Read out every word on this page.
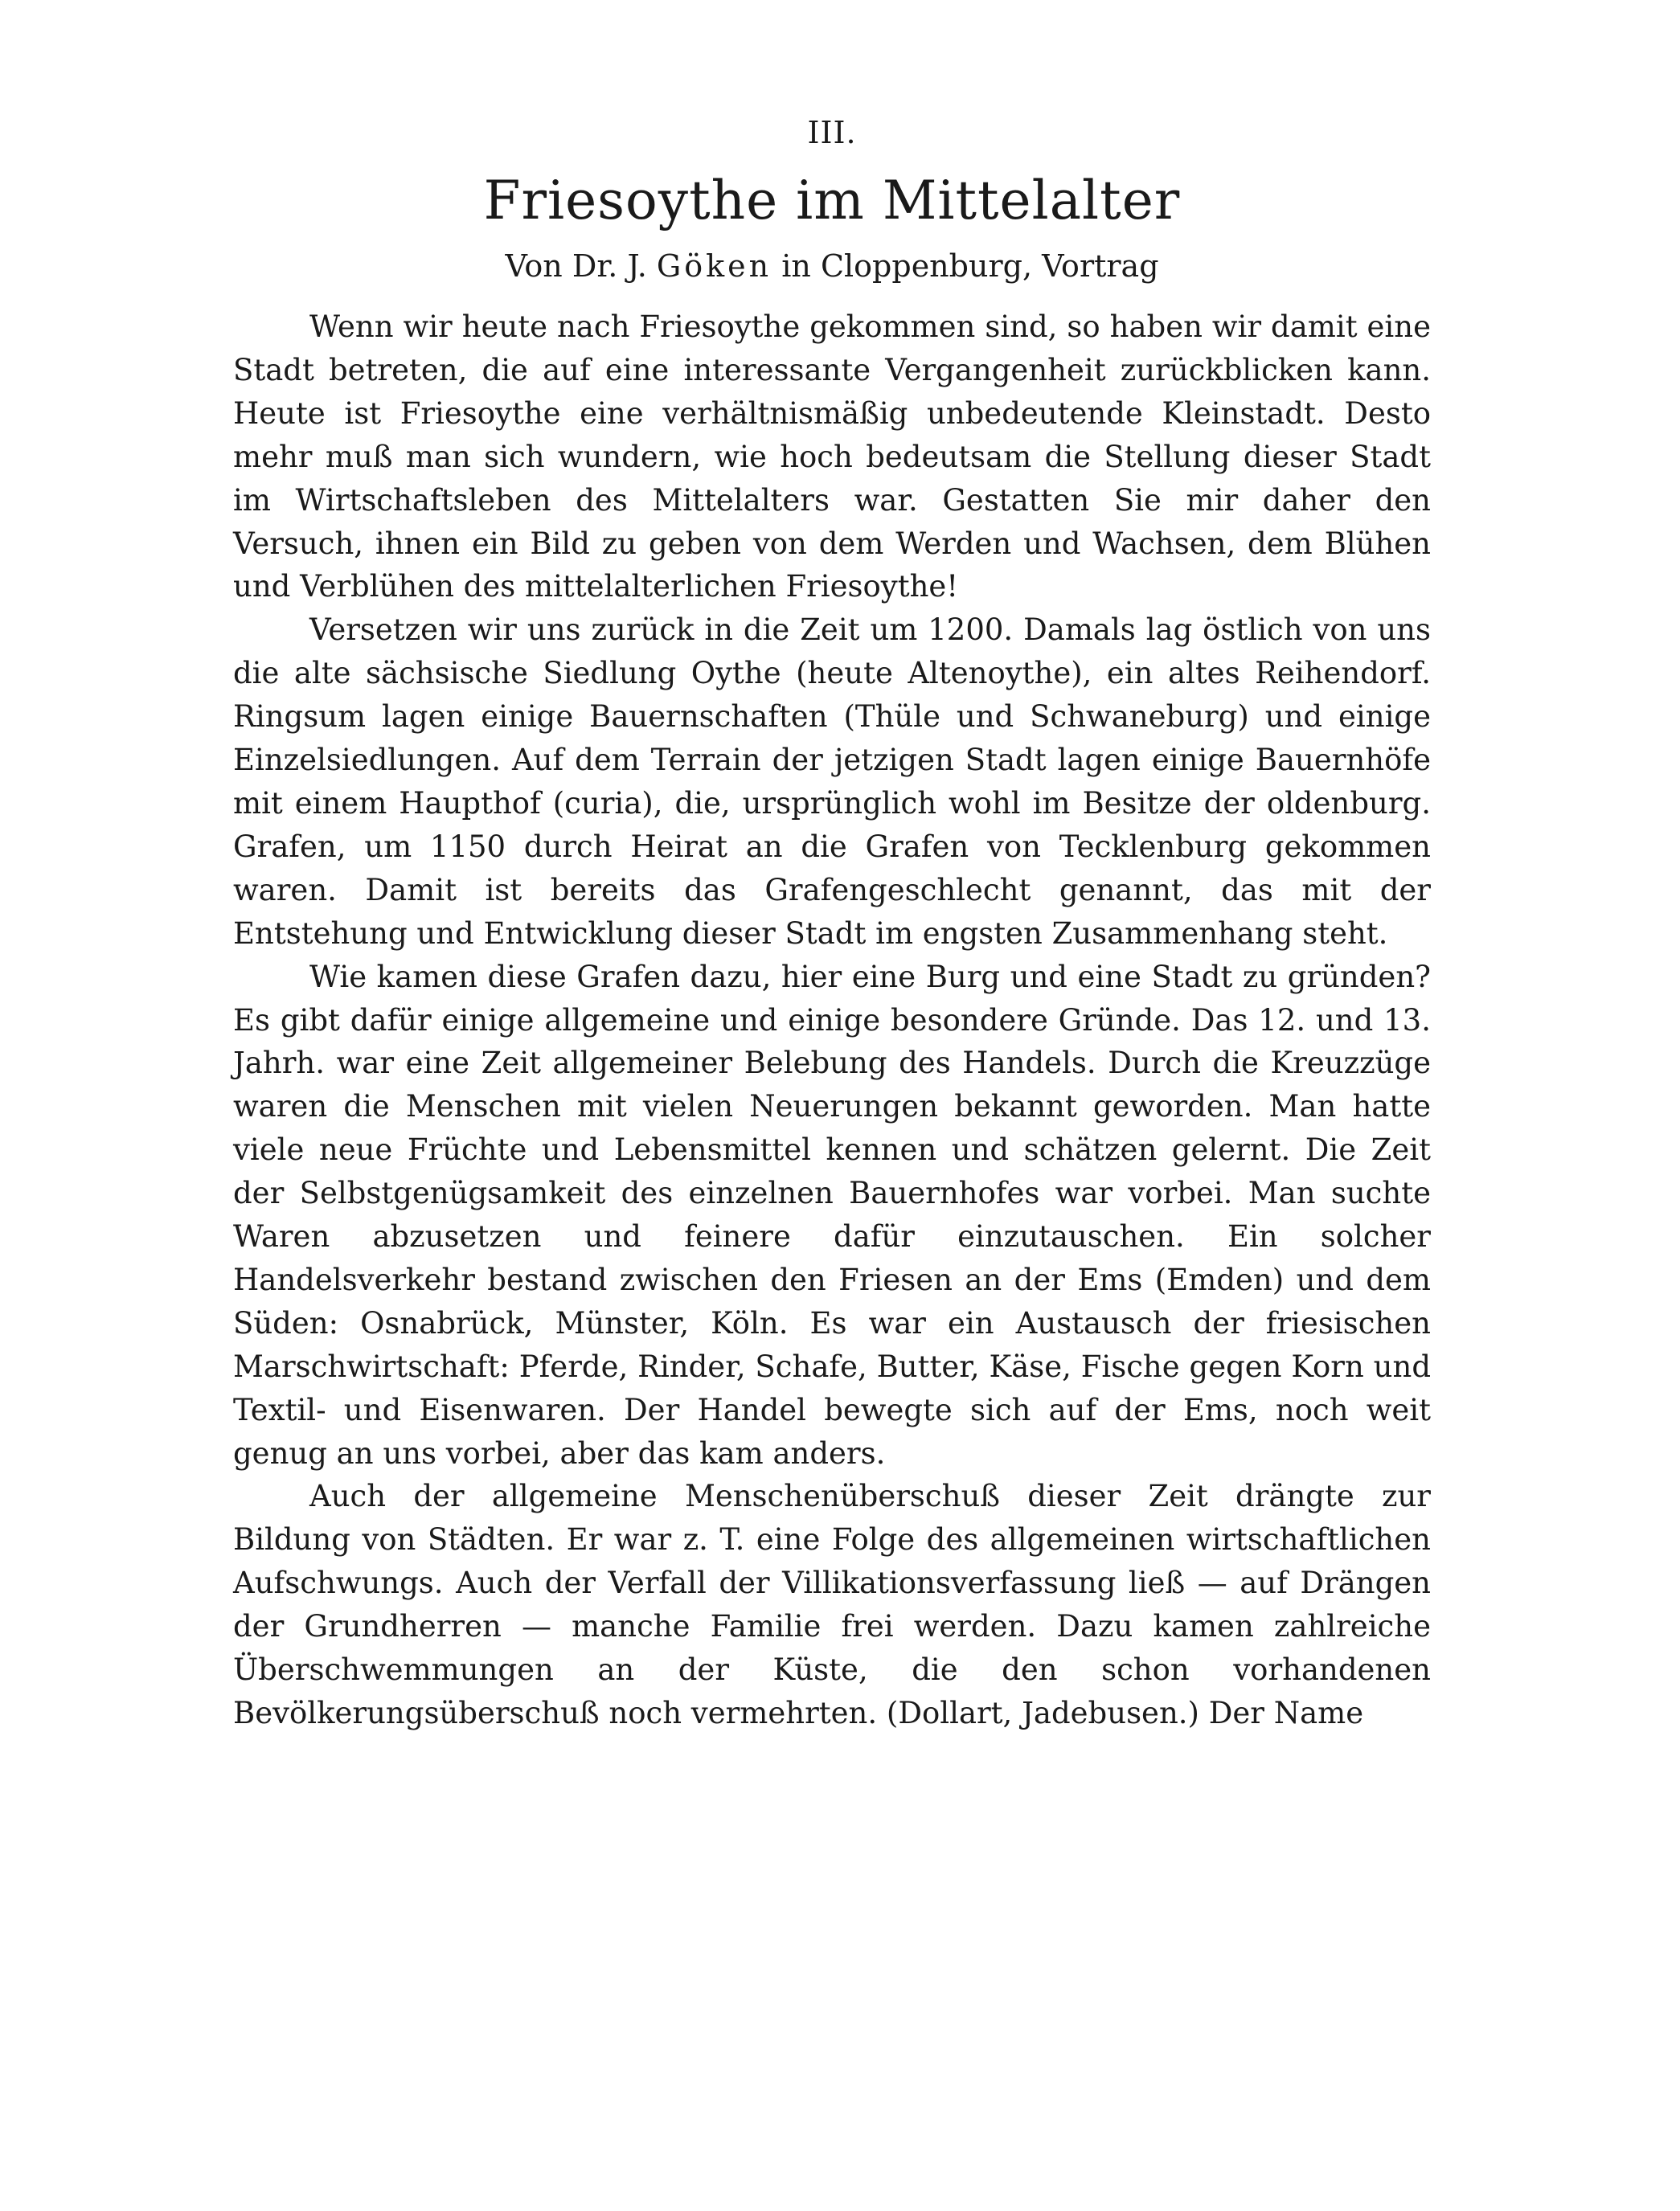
III.
Friesoythe im Mittelalter
Von Dr. J. Göken in Cloppenburg, Vortrag

Wenn wir heute nach Friesoythe gekommen sind, so haben wir damit eine Stadt betreten, die auf eine interessante Vergangenheit zurückblicken kann. Heute ist Friesoythe eine verhältnismäßig unbedeutende Kleinstadt. Desto mehr muß man sich wundern, wie hoch bedeutsam die Stellung dieser Stadt im Wirtschaftsleben des Mittelalters war. Gestatten Sie mir daher den Versuch, ihnen ein Bild zu geben von dem Werden und Wachsen, dem Blühen und Verblühen des mittelalterlichen Friesoythe!

Versetzen wir uns zurück in die Zeit um 1200. Damals lag östlich von uns die alte sächsische Siedlung Oythe (heute Altenoythe), ein altes Reihendorf. Ringsum lagen einige Bauernschaften (Thüle und Schwaneburg) und einige Einzelsiedlungen. Auf dem Terrain der jetzigen Stadt lagen einige Bauernhöfe mit einem Haupthof (curia), die, ursprünglich wohl im Besitze der oldenburg. Grafen, um 1150 durch Heirat an die Grafen von Tecklenburg gekommen waren. Damit ist bereits das Grafengeschlecht genannt, das mit der Entstehung und Entwicklung dieser Stadt im engsten Zusammenhang steht.

Wie kamen diese Grafen dazu, hier eine Burg und eine Stadt zu gründen? Es gibt dafür einige allgemeine und einige besondere Gründe. Das 12. und 13. Jahrh. war eine Zeit allgemeiner Belebung des Handels. Durch die Kreuzzüge waren die Menschen mit vielen Neuerungen bekannt geworden. Man hatte viele neue Früchte und Lebensmittel kennen und schätzen gelernt. Die Zeit der Selbstgenügsamkeit des einzelnen Bauernhofes war vorbei. Man suchte Waren abzusetzen und feinere dafür einzutauschen. Ein solcher Handelsverkehr bestand zwischen den Friesen an der Ems (Emden) und dem Süden: Osnabrück, Münster, Köln. Es war ein Austausch der friesischen Marschwirtschaft: Pferde, Rinder, Schafe, Butter, Käse, Fische gegen Korn und Textil- und Eisenwaren. Der Handel bewegte sich auf der Ems, noch weit genug an uns vorbei, aber das kam anders.

Auch der allgemeine Menschenüberschuß dieser Zeit drängte zur Bildung von Städten. Er war z. T. eine Folge des allgemeinen wirtschaftlichen Aufschwungs. Auch der Verfall der Villikationsverfassung ließ — auf Drängen der Grundherren — manche Familie frei werden. Dazu kamen zahlreiche Überschwemmungen an der Küste, die den schon vorhandenen Bevölkerungsüberschuß noch vermehrten. (Dollart, Jadebusen.) Der Name
